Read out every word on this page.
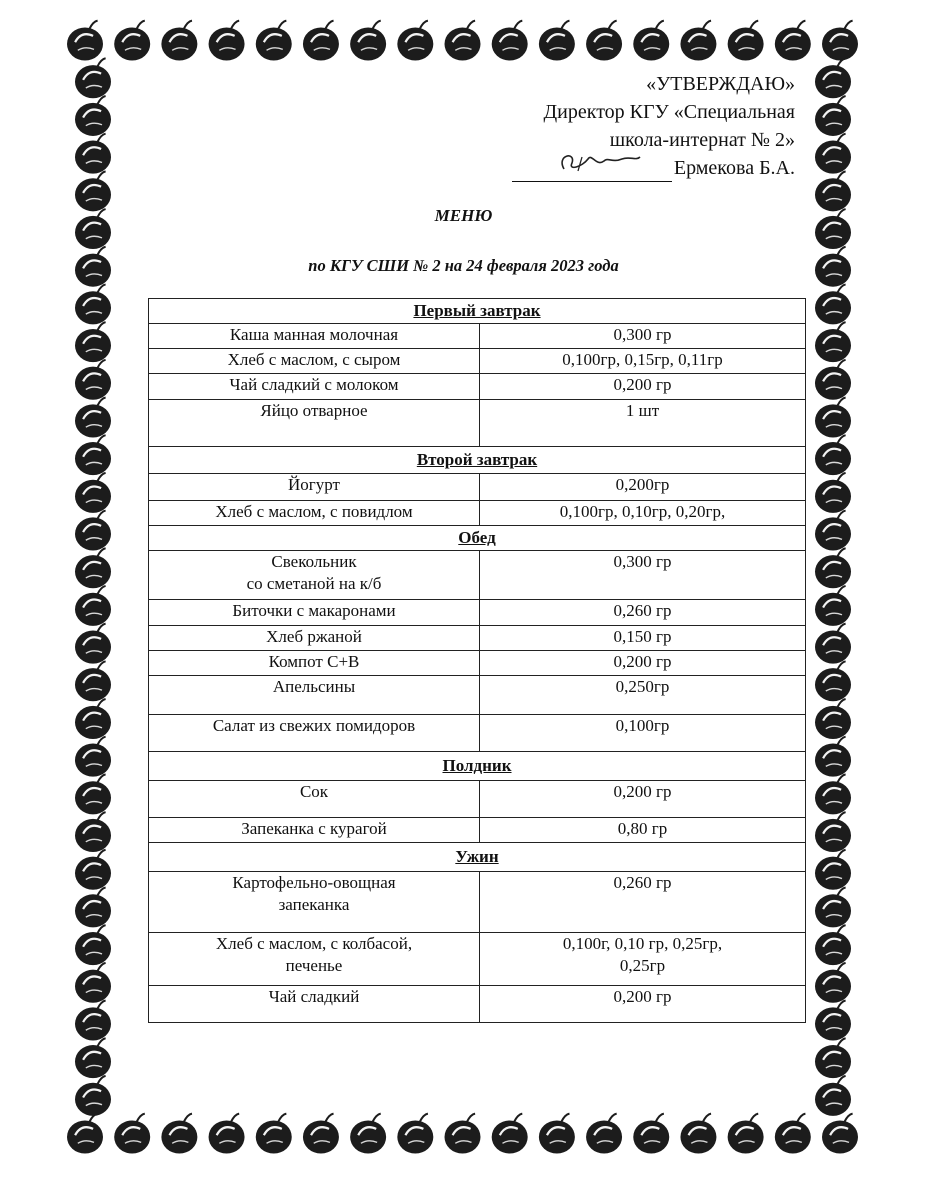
«УТВЕРЖДАЮ»
Директор КГУ «Специальная
школа-интернат № 2»
Ермекова Б.А.
МЕНЮ
по КГУ СШИ № 2 на 24 февраля 2023 года
Первый завтрак	
Каша манная молочная	0,300 гр
Хлеб с маслом, с сыром	0,100гр, 0,15гр, 0,11гр
Чай сладкий с молоком	0,200 гр
Яйцо отварное	1 шт
Второй завтрак	
Йогурт	0,200гр
Хлеб с маслом, с повидлом	0,100гр, 0,10гр, 0,20гр,
Обед	
Свекольник
со сметаной на к/б	0,300 гр
Биточки с макаронами	0,260 гр
Хлеб ржаной	0,150 гр
Компот С+В	0,200 гр
Апельсины	0,250гр
Салат из свежих помидоров	0,100гр
Полдник	
Сок	0,200 гр
Запеканка с курагой	0,80 гр
Ужин	
Картофельно-овощная
запеканка	0,260 гр
Хлеб с маслом, с колбасой,
печенье	0,100г, 0,10 гр, 0,25гр,
0,25гр
Чай сладкий	0,200 гр
